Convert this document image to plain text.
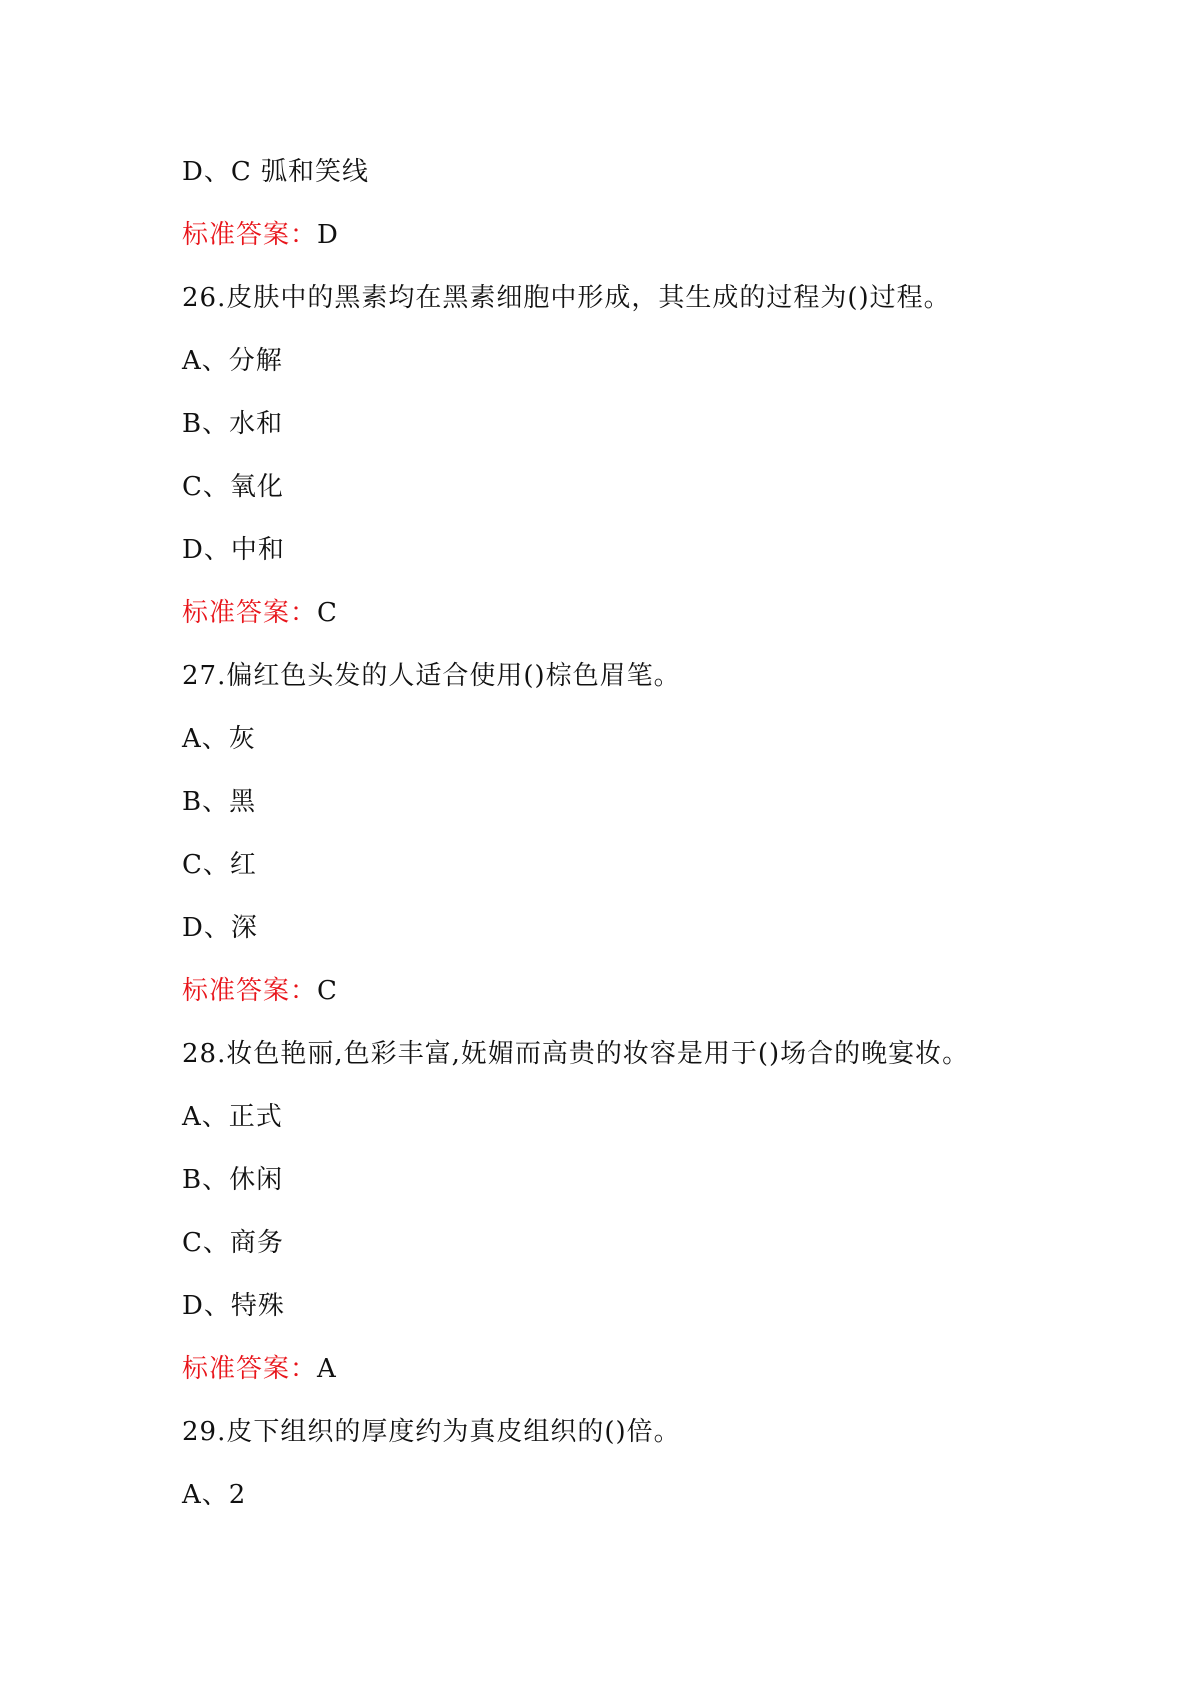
D、C 弧和笑线
标准答案：D
26.皮肤中的黑素均在黑素细胞中形成，其生成的过程为()过程。
A、分解
B、水和
C、氧化
D、中和
标准答案：C
27.偏红色头发的人适合使用()棕色眉笔。
A、灰
B、黑
C、红
D、深
标准答案：C
28.妆色艳丽,色彩丰富,妩媚而高贵的妆容是用于()场合的晚宴妆。
A、正式
B、休闲
C、商务
D、特殊
标准答案：A
29.皮下组织的厚度约为真皮组织的()倍。
A、2
